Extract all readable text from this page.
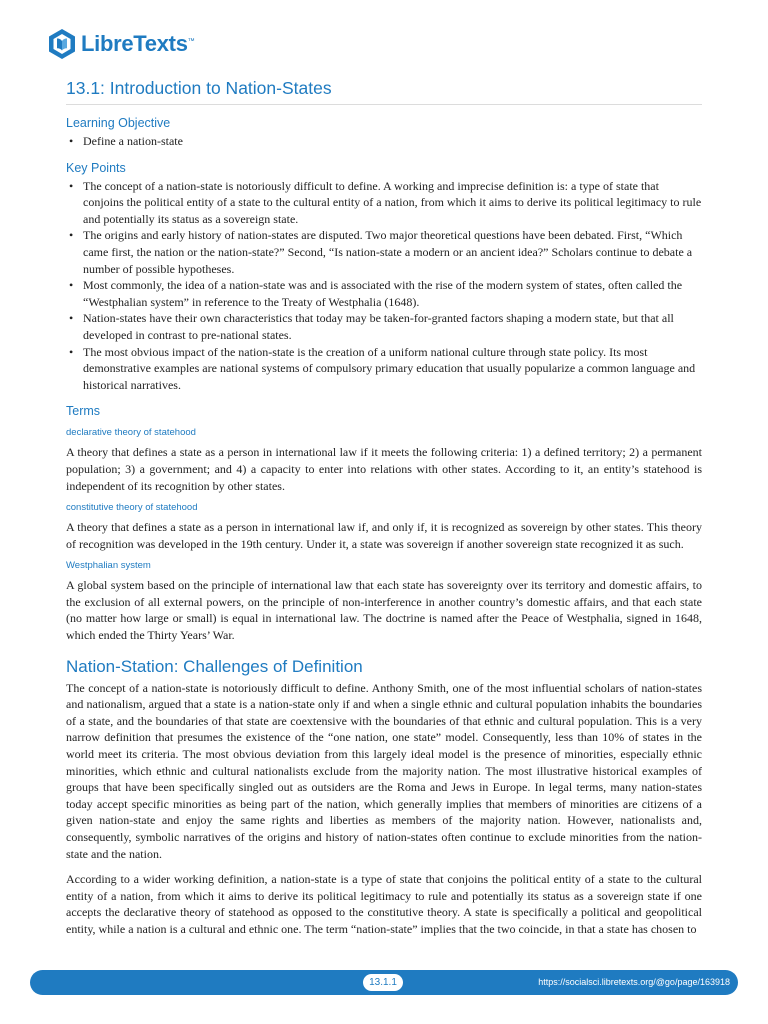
LibreTexts ™
13.1: Introduction to Nation-States
Learning Objective
• Define a nation-state
Key Points
• The concept of a nation-state is notoriously difficult to define. A working and imprecise definition is: a type of state that conjoins the political entity of a state to the cultural entity of a nation, from which it aims to derive its political legitimacy to rule and potentially its status as a sovereign state.
• The origins and early history of nation-states are disputed. Two major theoretical questions have been debated. First, “Which came first, the nation or the nation-state?” Second, “Is nation-state a modern or an ancient idea?” Scholars continue to debate a number of possible hypotheses.
• Most commonly, the idea of a nation-state was and is associated with the rise of the modern system of states, often called the “Westphalian system” in reference to the Treaty of Westphalia (1648).
• Nation-states have their own characteristics that today may be taken-for-granted factors shaping a modern state, but that all developed in contrast to pre-national states.
• The most obvious impact of the nation-state is the creation of a uniform national culture through state policy. Its most demonstrative examples are national systems of compulsory primary education that usually popularize a common language and historical narratives.
Terms
declarative theory of statehood

A theory that defines a state as a person in international law if it meets the following criteria: 1) a defined territory; 2) a permanent population; 3) a government; and 4) a capacity to enter into relations with other states. According to it, an entity’s statehood is independent of its recognition by other states.

constitutive theory of statehood

A theory that defines a state as a person in international law if, and only if, it is recognized as sovereign by other states. This theory of recognition was developed in the 19th century. Under it, a state was sovereign if another sovereign state recognized it as such.

Westphalian system

A global system based on the principle of international law that each state has sovereignty over its territory and domestic affairs, to the exclusion of all external powers, on the principle of non-interference in another country’s domestic affairs, and that each state (no matter how large or small) is equal in international law. The doctrine is named after the Peace of Westphalia, signed in 1648, which ended the Thirty Years’ War.

Nation-Station: Challenges of Definition

The concept of a nation-state is notoriously difficult to define. Anthony Smith, one of the most influential scholars of nation-states and nationalism, argued that a state is a nation-state only if and when a single ethnic and cultural population inhabits the boundaries of a state, and the boundaries of that state are coextensive with the boundaries of that ethnic and cultural population. This is a very narrow definition that presumes the existence of the “one nation, one state” model. Consequently, less than 10% of states in the world meet its criteria. The most obvious deviation from this largely ideal model is the presence of minorities, especially ethnic minorities, which ethnic and cultural nationalists exclude from the majority nation. The most illustrative historical examples of groups that have been specifically singled out as outsiders are the Roma and Jews in Europe. In legal terms, many nation-states today accept specific minorities as being part of the nation, which generally implies that members of minorities are citizens of a given nation-state and enjoy the same rights and liberties as members of the majority nation. However, nationalists and, consequently, symbolic narratives of the origins and history of nation-states often continue to exclude minorities from the nation-state and the nation.

According to a wider working definition, a nation-state is a type of state that conjoins the political entity of a state to the cultural entity of a nation, from which it aims to derive its political legitimacy to rule and potentially its status as a sovereign state if one accepts the declarative theory of statehood as opposed to the constitutive theory. A state is specifically a political and geopolitical entity, while a nation is a cultural and ethnic one. The term “nation-state” implies that the two coincide, in that a state has chosen to

13.1.1	https://socialsci.libretexts.org/@go/page/163918
